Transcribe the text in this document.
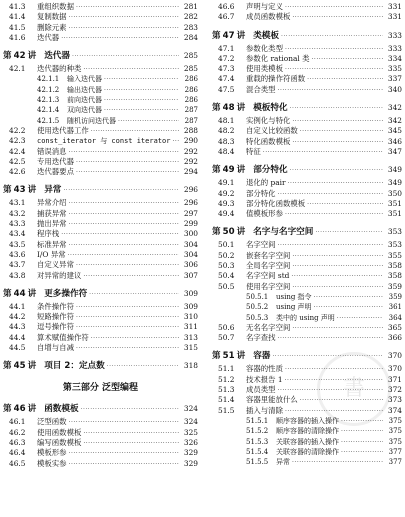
41.3	重组织数据 ·····	281
41.4	复制数据 ·····	282
41.5	删除元素 ·····	283
41.6	迭代器 ·····	284
第 42 讲 迭代器 ·····	285
42.1	迭代器的种类 ·····	285
42.1.1	输入迭代器 ·····	286
42.1.2	输出迭代器 ·····	286
42.1.3	前向迭代器 ·····	286
42.1.4	双向迭代器 ·····	287
42.1.5	随机访问迭代器 ·····	287
42.2	使用迭代器工作 ·····	288
42.3	const_iterator 与 const iterator ·····	290
42.4	错误消息 ·····	292
42.5	专用迭代器 ·····	292
42.6	迭代器要点 ·····	294
第 43 讲 异常 ·····	296
43.1	异常介绍 ·····	296
43.2	捕获异常 ·····	297
43.3	抛出异常 ·····	299
43.4	程序栈 ·····	300
43.5	标准异常 ·····	304
43.6	I/O 异常 ·····	304
43.7	自定义异常 ·····	306
43.8	对异常的建议 ·····	307
第 44 讲 更多操作符 ·····	309
44.1	条件操作符 ·····	309
44.2	短路操作符 ·····	310
44.3	逗号操作符 ·····	311
44.4	算术赋值操作符 ·····	313
44.5	自增与自减 ·····	315
第 45 讲 项目 2：定点数 ·····	318
第三部分 泛型编程
第 46 讲 函数模板 ·····	324
46.1	泛型函数 ·····	324
46.2	使用函数模板 ·····	325
46.3	编写函数模板 ·····	326
46.4	模板形参 ·····	329
46.5	模板实参 ·····	329
46.6	声明与定义 ·····	331
46.7	成员函数模板 ·····	331
第 47 讲 类模板 ·····	333
47.1	参数化类型 ·····	333
47.2	参数化 rational 类 ·····	334
47.3	使用类模板 ·····	335
47.4	重载的操作符函数 ·····	337
47.5	混合类型 ·····	340
第 48 讲 模板特化 ·····	342
48.1	实例化与特化 ·····	342
48.2	自定义比较函数 ·····	345
48.3	特化函数模板 ·····	346
48.4	特征 ·····	347
第 49 讲 部分特化 ·····	349
49.1	退化的 pair ·····	349
49.2	部分特化 ·····	350
49.3	部分特化函数模板 ·····	351
49.4	值模板形参 ·····	351
第 50 讲 名字与名字空间 ·····	353
50.1	名字空间 ·····	353
50.2	嵌套名字空间 ·····	355
50.3	全局名字空间 ·····	358
50.4	名字空间 std ·····	358
50.5	使用名字空间 ·····	359
50.5.1	using 指令 ·····	359
50.5.2	using 声明 ·····	361
50.5.3	类中的 using 声明 ·····	364
50.6	无名名字空间 ·····	365
50.7	名字查找 ·····	366
第 51 讲 容器 ·····	370
51.1	容器的性质 ·····	370
51.2	技术报告 1 ·····	371
51.3	成员类型 ·····	372
51.4	容器里能放什么 ·····	373
51.5	插入与清除 ·····	374
51.5.1	顺序容器的插入操作 ·····	375
51.5.2	顺序容器的清除操作 ·····	375
51.5.3	关联容器的插入操作 ·····	375
51.5.4	关联容器的清除操作 ·····	377
51.5.5	异常 ·····	377
書
